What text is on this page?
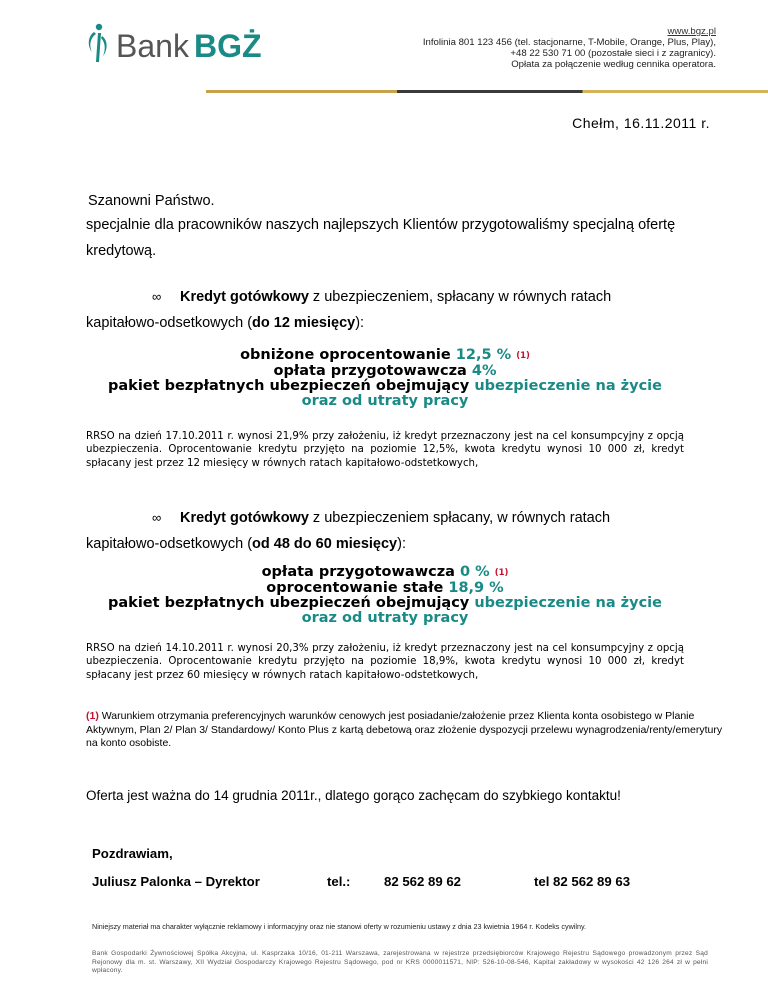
Bank BGŻ	www.bgz.pl
Infolinia 801 123 456 (tel. stacjonarne, T-Mobile, Orange, Plus, Play),
+48 22 530 71 00 (pozostałe sieci i z zagranicy).
Opłata za połączenie według cennika operatora.
Chełm, 16.11.2011 r.
Szanowni Państwo.
specjalnie dla pracowników naszych najlepszych Klientów przygotowaliśmy specjalną ofertę kredytową.
∞ Kredyt gotówkowy z ubezpieczeniem, spłacany w równych ratach
kapitałowo-odsetkowych (do 12 miesięcy):
obniżone oprocentowanie 12,5 % (1)
opłata przygotowawcza 4%
pakiet bezpłatnych ubezpieczeń obejmujący ubezpieczenie na życie
oraz od utraty pracy
RRSO na dzień 17.10.2011 r. wynosi 21,9% przy założeniu, iż kredyt przeznaczony jest na cel konsumpcyjny z opcją ubezpieczenia. Oprocentowanie kredytu przyjęto na poziomie 12,5%, kwota kredytu wynosi 10 000 zł, kredyt spłacany jest przez 12 miesięcy w równych ratach kapitałowo-odstetkowych,
∞ Kredyt gotówkowy z ubezpieczeniem spłacany, w równych ratach
kapitałowo-odsetkowych (od 48 do 60 miesięcy):
opłata przygotowawcza 0 % (1)
oprocentowanie stałe 18,9 %
pakiet bezpłatnych ubezpieczeń obejmujący ubezpieczenie na życie
oraz od utraty pracy
RRSO na dzień 14.10.2011 r. wynosi 20,3% przy założeniu, iż kredyt przeznaczony jest na cel konsumpcyjny z opcją ubezpieczenia. Oprocentowanie kredytu przyjęto na poziomie 18,9%, kwota kredytu wynosi 10 000 zł, kredyt spłacany jest przez 60 miesięcy w równych ratach kapitałowo-odstetkowych,
(1) Warunkiem otrzymania preferencyjnych warunków cenowych jest posiadanie/założenie przez Klienta konta osobistego w Planie Aktywnym, Plan 2/ Plan 3/ Standardowy/ Konto Plus z kartą debetową oraz złożenie dyspozycji przelewu wynagrodzenia/renty/emerytury na konto osobiste.
Oferta jest ważna do 14 grudnia 2011r., dlatego gorąco zachęcam do szybkiego kontaktu!
Pozdrawiam,
Juliusz Palonka – Dyrektor	tel.:	82 562 89 62	tel 82 562 89 63
Niniejszy materiał ma charakter wyłącznie reklamowy i informacyjny oraz nie stanowi oferty w rozumieniu ustawy z dnia 23 kwietnia 1964 r. Kodeks cywilny.
Bank Gospodarki Żywnościowej Spółka Akcyjna, ul. Kasprzaka 10/16, 01-211 Warszawa, zarejestrowana w rejestrze przedsiębiorców Krajowego Rejestru Sądowego prowadzonym przez Sąd Rejonowy dla m. st. Warszawy, XII Wydział Gospodarczy Krajowego Rejestru Sądowego, pod nr KRS 0000011571, NIP: 526-10-08-546, Kapitał zakładowy w wysokości 42 126 264 zł w pełni wpłacony.
